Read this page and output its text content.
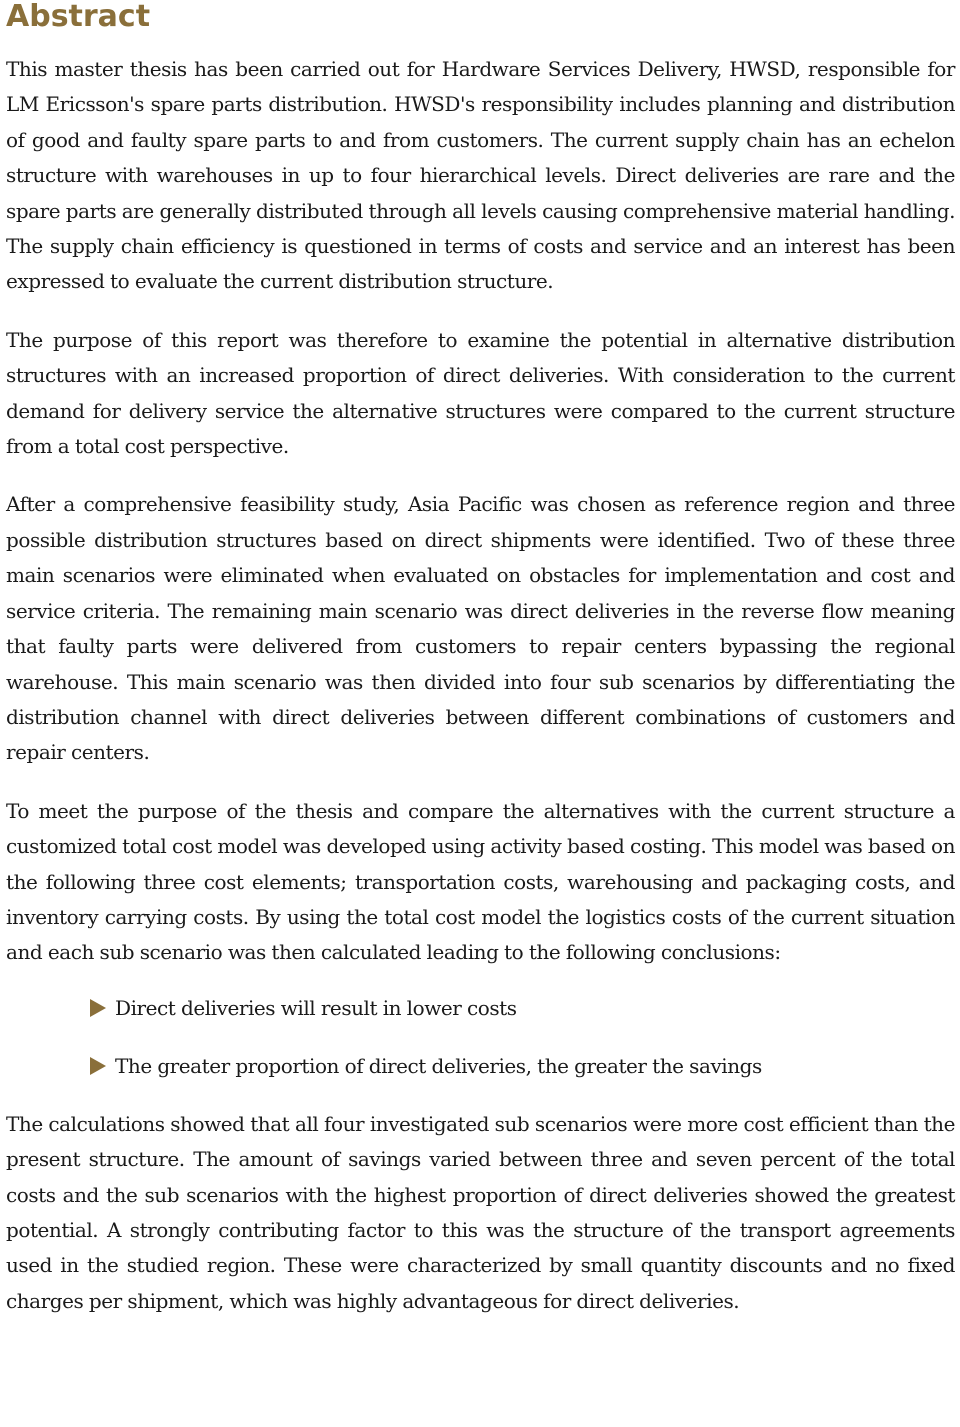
Abstract

This master thesis has been carried out for Hardware Services Delivery, HWSD, responsible for LM Ericsson's spare parts distribution. HWSD's responsibility includes planning and distribution of good and faulty spare parts to and from customers. The current supply chain has an echelon structure with warehouses in up to four hierarchical levels. Direct deliveries are rare and the spare parts are generally distributed through all levels causing comprehensive material handling. The supply chain efficiency is questioned in terms of costs and service and an interest has been expressed to evaluate the current distribution structure.

The purpose of this report was therefore to examine the potential in alternative distribution structures with an increased proportion of direct deliveries. With consideration to the current demand for delivery service the alternative structures were compared to the current structure from a total cost perspective.

After a comprehensive feasibility study, Asia Pacific was chosen as reference region and three possible distribution structures based on direct shipments were identified. Two of these three main scenarios were eliminated when evaluated on obstacles for implementation and cost and service criteria. The remaining main scenario was direct deliveries in the reverse flow meaning that faulty parts were delivered from customers to repair centers bypassing the regional warehouse. This main scenario was then divided into four sub scenarios by differentiating the distribution channel with direct deliveries between different combinations of customers and repair centers.

To meet the purpose of the thesis and compare the alternatives with the current structure a customized total cost model was developed using activity based costing. This model was based on the following three cost elements; transportation costs, warehousing and packaging costs, and inventory carrying costs. By using the total cost model the logistics costs of the current situation and each sub scenario was then calculated leading to the following conclusions:

Direct deliveries will result in lower costs
The greater proportion of direct deliveries, the greater the savings

The calculations showed that all four investigated sub scenarios were more cost efficient than the present structure. The amount of savings varied between three and seven percent of the total costs and the sub scenarios with the highest proportion of direct deliveries showed the greatest potential. A strongly contributing factor to this was the structure of the transport agreements used in the studied region. These were characterized by small quantity discounts and no fixed charges per shipment, which was highly advantageous for direct deliveries.
